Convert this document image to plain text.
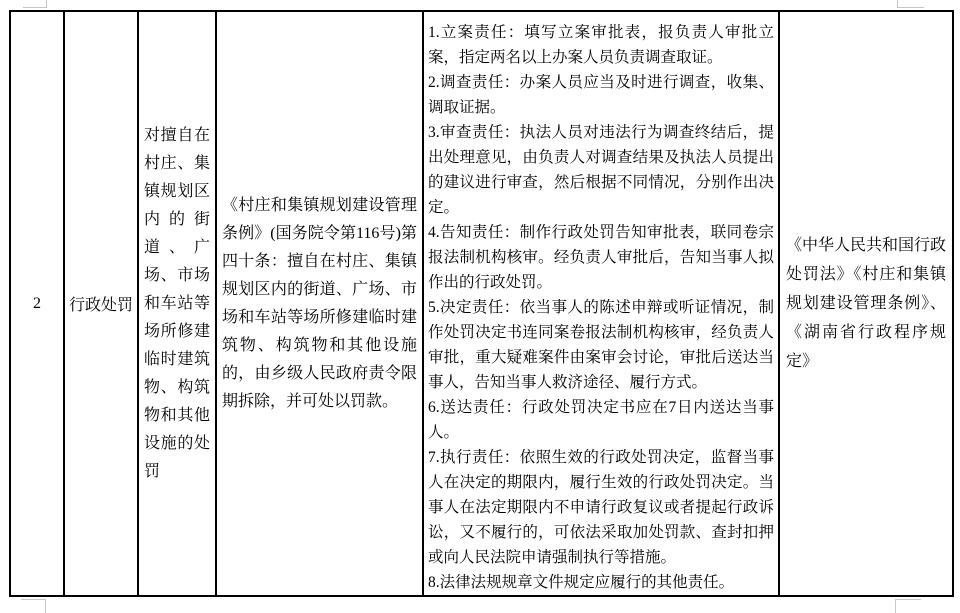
2 行政处罚
对擅自在村庄、集镇规划区内的街道、广场、市场和车站等场所修建临时建筑物、构筑物和其他设施的处罚
《村庄和集镇规划建设管理条例》(国务院令第116号)第四十条：擅自在村庄、集镇规划区内的街道、广场、市场和车站等场所修建临时建筑物、构筑物和其他设施的，由乡级人民政府责令限期拆除，并可处以罚款。

1.立案责任：填写立案审批表，报负责人审批立案，指定两名以上办案人员负责调查取证。

2.调查责任：办案人员应当及时进行调查，收集、调取证据。

3.审查责任：执法人员对违法行为调查终结后，提出处理意见，由负责人对调查结果及执法人员提出的建议进行审查，然后根据不同情况，分别作出决定。

4.告知责任：制作行政处罚告知审批表，联同卷宗报法制机构核审。经负责人审批后，告知当事人拟作出的行政处罚。

5.决定责任：依当事人的陈述申辩或听证情况，制作处罚决定书连同案卷报法制机构核审，经负责人审批，重大疑难案件由案审会讨论，审批后送达当事人，告知当事人救济途径、履行方式。

6.送达责任：行政处罚决定书应在7日内送达当事人。

7.执行责任：依照生效的行政处罚决定，监督当事人在决定的期限内，履行生效的行政处罚决定。当事人在法定期限内不申请行政复议或者提起行政诉讼，又不履行的，可依法采取加处罚款、查封扣押或向人民法院申请强制执行等措施。

8.法律法规规章文件规定应履行的其他责任。

《中华人民共和国行政处罚法》《村庄和集镇规划建设管理条例》、《湖南省行政程序规定》
